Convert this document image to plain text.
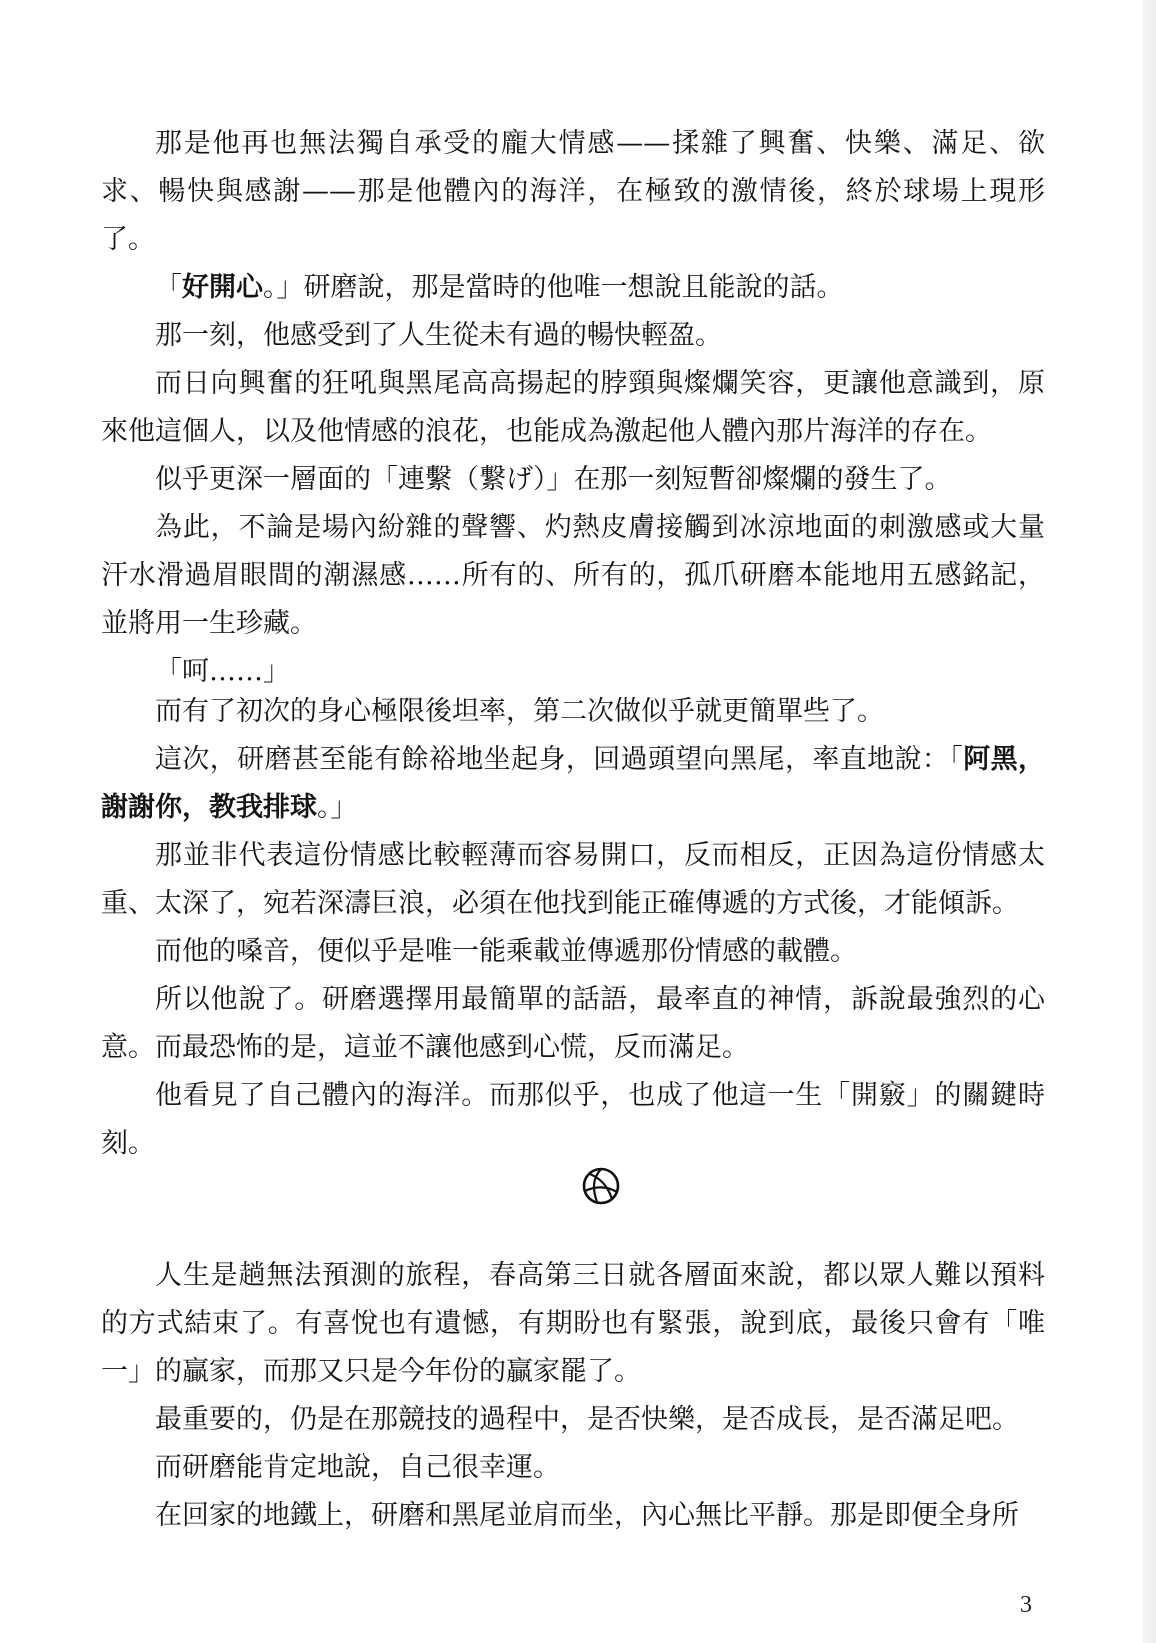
那是他再也無法獨自承受的龐大情感——揉雜了興奮、快樂、滿足、欲求、暢快與感謝——那是他體內的海洋，在極致的激情後，終於球場上現形了。

「好開心。」研磨說，那是當時的他唯一想說且能說的話。

那一刻，他感受到了人生從未有過的暢快輕盈。

而日向興奮的狂吼與黑尾高高揚起的脖頸與燦爛笑容，更讓他意識到，原來他這個人，以及他情感的浪花，也能成為激起他人體內那片海洋的存在。

似乎更深一層面的「連繫（繋げ）」在那一刻短暫卻燦爛的發生了。

為此，不論是場內紛雜的聲響、灼熱皮膚接觸到冰涼地面的刺激感或大量汗水滑過眉眼間的潮濕感……所有的、所有的，孤爪研磨本能地用五感銘記，並將用一生珍藏。

「呵……」

而有了初次的身心極限後坦率，第二次做似乎就更簡單些了。

這次，研磨甚至能有餘裕地坐起身，回過頭望向黑尾，率直地說：「阿黑，謝謝你，教我排球。」

那並非代表這份情感比較輕薄而容易開口，反而相反，正因為這份情感太重、太深了，宛若深濤巨浪，必須在他找到能正確傳遞的方式後，才能傾訴。

而他的嗓音，便似乎是唯一能乘載並傳遞那份情感的載體。

所以他說了。研磨選擇用最簡單的話語，最率直的神情，訴說最強烈的心意。而最恐怖的是，這並不讓他感到心慌，反而滿足。

他看見了自己體內的海洋。而那似乎，也成了他這一生「開竅」的關鍵時刻。

人生是趟無法預測的旅程，春高第三日就各層面來說，都以眾人難以預料的方式結束了。有喜悅也有遺憾，有期盼也有緊張，說到底，最後只會有「唯一」的贏家，而那又只是今年份的贏家罷了。

最重要的，仍是在那競技的過程中，是否快樂，是否成長，是否滿足吧。

而研磨能肯定地說，自己很幸運。

在回家的地鐵上，研磨和黑尾並肩而坐，內心無比平靜。那是即便全身所

3
